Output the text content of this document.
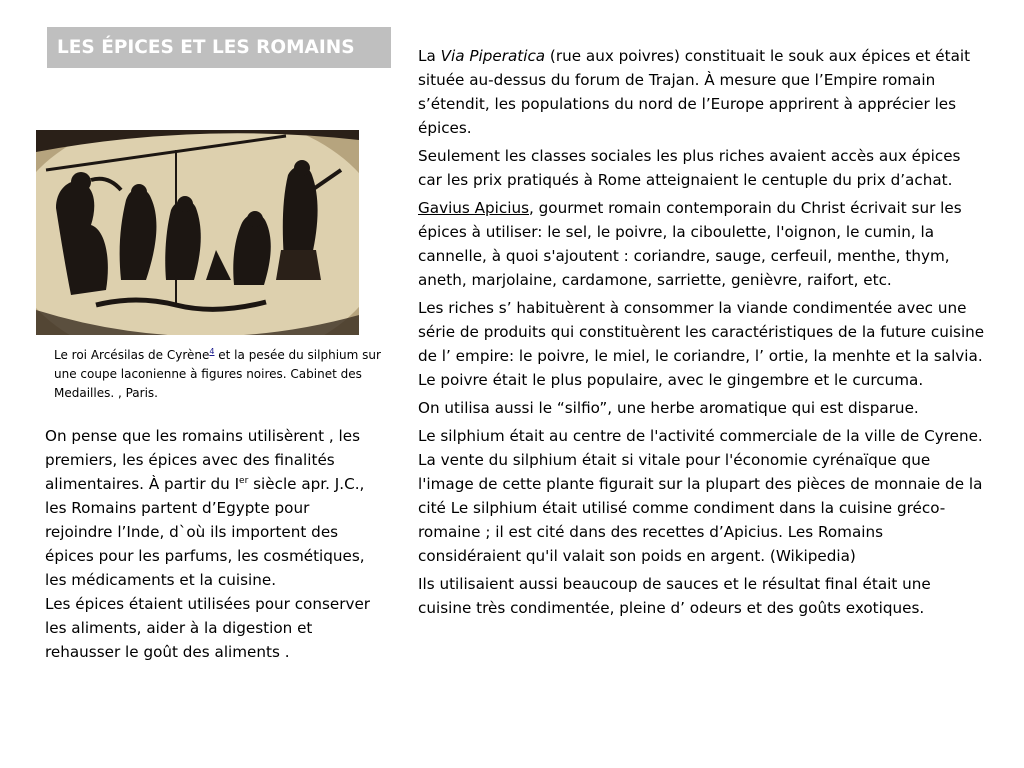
LES ÉPICES ET LES ROMAINS
Le roi Arcésilas de Cyrène$^4$ et la pesée du silphium sur une coupe laconienne à figures noires. Cabinet des Medailles. , Paris.

On pense que les romains utilisèrent , les premiers, les épices avec des finalités alimentaires. À partir du Ier siècle apr. J.C., les Romains partent d’Egypte pour rejoindre l’Inde, d`où ils importent des épices pour les parfums, les cosmétiques, les médicaments et la cuisine.

Les épices étaient utilisées pour conserver les aliments, aider à la digestion et rehausser le goût des aliments .

La Via Piperatica (rue aux poivres) constituait le souk aux épices et était située au-dessus du forum de Trajan. À mesure que l’Empire romain s’étendit, les populations du nord de l’Europe apprirent à apprécier les épices.

Seulement les classes sociales les plus riches avaient accès aux épices car les prix pratiqués à Rome atteignaient le centuple du prix d’achat.

Gavius Apicius, gourmet romain contemporain du Christ écrivait sur les épices à utiliser: le sel, le poivre, la ciboulette, l'oignon, le cumin, la cannelle, à quoi s'ajoutent : coriandre, sauge, cerfeuil, menthe, thym, aneth, marjolaine, cardamone, sarriette, genièvre, raifort, etc.

Les riches s’ habituèrent à consommer la viande condimentée avec une série de produits qui constituèrent les caractéristiques de la future cuisine de l’ empire: le poivre, le miel, le coriandre, l’ ortie, la menhte et la salvia. Le poivre était le plus populaire, avec le gingembre et le curcuma.

On utilisa aussi le “silfio”, une herbe aromatique qui est disparue.

Le silphium était au centre de l'activité commerciale de la ville de Cyrene. La vente du silphium était si vitale pour l'économie cyrénaïque que l'image de cette plante figurait sur la plupart des pièces de monnaie de la cité Le silphium était utilisé comme condiment dans la cuisine gréco-romaine ; il est cité dans des recettes d’Apicius. Les Romains considéraient qu'il valait son poids en argent. (Wikipedia)

Ils utilisaient aussi beaucoup de sauces et le résultat final était une cuisine très condimentée, pleine d’ odeurs et des goûts exotiques.
